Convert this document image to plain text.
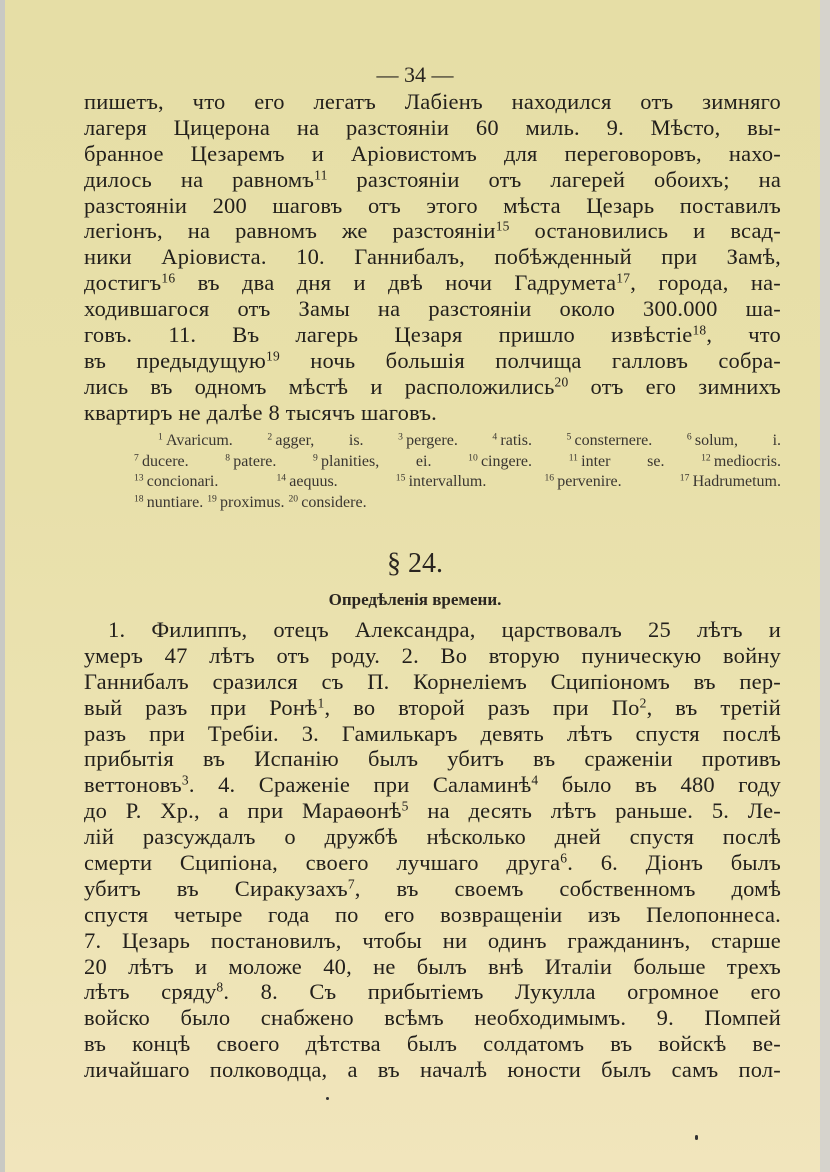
— 34 —
пишетъ, что его легатъ Лабіенъ находился отъ зимняго
лагеря Цицерона на разстояніи 60 миль. 9. Мѣсто, вы-
бранное Цезаремъ и Аріовистомъ для переговоровъ, нахо-
дилось на равномъ$^{11}$ разстояніи отъ лагерей обоихъ; на
разстояніи 200 шаговъ отъ этого мѣста Цезарь поставилъ
легіонъ, на равномъ же разстояніи$^{15}$ остановились и всад-
ники Аріовиста. 10. Ганнибалъ, побѣжденный при Замѣ,
достигъ$^{16}$ въ два дня и двѣ ночи Гадрумета$^{17}$, города, на-
ходившагося отъ Замы на разстояніи около 300.000 ша-
говъ. 11. Въ лагерь Цезаря пришло извѣстіе$^{18}$, что
въ предыдущую$^{19}$ ночь большія полчища галловъ собра-
лись въ одномъ мѣстѣ и расположились$^{20}$ отъ его зимнихъ
квартиръ не далѣе 8 тысячъ шаговъ.
$^1$ Avaricum. $^2$ agger, is. $^3$ pergere. $^4$ ratis. $^5$ consternere. $^6$ solum, i.
$^7$ ducere. $^8$ patere. $^9$ planities, ei. $^{10}$ cingere. $^{11}$ inter se. $^{12}$ mediocris.
$^{13}$ concionari. $^{14}$ aequus. $^{15}$ intervallum. $^{16}$ pervenire. $^{17}$ Hadrumetum.
$^{18}$ nuntiare. $^{19}$ proximus. $^{20}$ considere.
§ 24.
Опредѣленія времени.
1. Филиппъ, отецъ Александра, царствовалъ 25 лѣтъ и
умеръ 47 лѣтъ отъ роду. 2. Во вторую пуническую войну
Ганнибалъ сразился съ П. Корнеліемъ Сципіономъ въ пер-
вый разъ при Ронѣ$^1$, во второй разъ при $По^2$, въ третій
разъ при Требіи. 3. Гамилькаръ девять лѣтъ спустя послѣ
прибытія въ Испанію былъ убитъ въ сраженіи противъ
веттоновъ$^3$. 4. Сраженіе при Саламинѣ$^4$ было въ 480 году
до Р. Хр., а при Мараѳонѣ$^5$ на десять лѣтъ раньше. 5. Ле-
лій разсуждалъ о дружбѣ нѣсколько дней спустя послѣ
смерти Сципіона, своего лучшаго друга$^6$. 6. Діонъ былъ
убитъ въ Сиракузахъ$^7$, въ своемъ собственномъ домѣ
спустя четыре года по его возвращеніи изъ Пелопоннеса.
7. Цезарь постановилъ, чтобы ни одинъ гражданинъ, старше
20 лѣтъ и моложе 40, не былъ внѣ Италіи больше трехъ
лѣтъ сряду$^8$. 8. Съ прибытіемъ Лукулла огромное его
войско было снабжено всѣмъ необходимымъ. 9. Помпей
въ концѣ своего дѣтства былъ солдатомъ въ войскѣ ве-
личайшаго полководца, а въ началѣ юности былъ самъ пол-
